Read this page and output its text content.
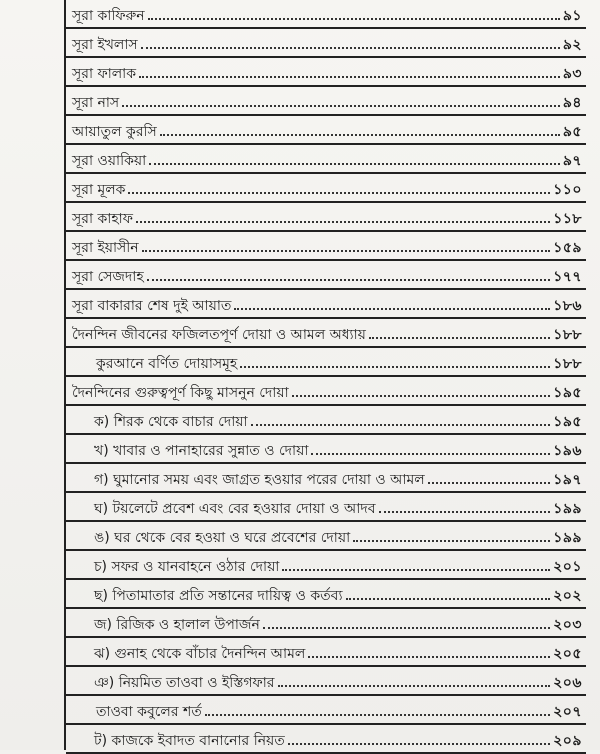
সূরা কাফিরুন	৯১
সূরা ইখলাস	৯২
সূরা ফালাক	৯৩
সূরা নাস	৯৪
আয়াতুল কুরসি	৯৫
সূরা ওয়াকিয়া	৯৭
সূরা মূলক	১১০
সূরা কাহাফ	১১৮
সূরা ইয়াসীন	১৫৯
সূরা সেজদাহ	১৭৭
সূরা বাকারার শেষ দুই আয়াত	১৮৬
দৈনন্দিন জীবনের ফজিলতপূর্ণ দোয়া ও আমল অধ্যায়	১৮৮
কুরআনে বর্ণিত দোয়াসমূহ	১৮৮
দৈনন্দিনের গুরুত্বপূর্ণ কিছু মাসনুন দোয়া	১৯৫
ক) শিরক থেকে বাচার দোয়া	১৯৫
খ) খাবার ও পানাহারের সুন্নাত ও দোয়া	১৯৬
গ) ঘুমানোর সময় এবং জাগ্রত হওয়ার পরের দোয়া ও আমল	১৯৭
ঘ) টয়লেটে প্রবেশ এবং বের হওয়ার দোয়া ও আদব	১৯৯
ঙ) ঘর থেকে বের হওয়া ও ঘরে প্রবেশের দোয়া	১৯৯
চ) সফর ও যানবাহনে ওঠার দোয়া	২০১
ছ) পিতামাতার প্রতি সন্তানের দায়িত্ব ও কর্তব্য	২০২
জ) রিজিক ও হালাল উপার্জন	২০৩
ঝ) গুনাহ থেকে বাঁচার দৈনন্দিন আমল	২০৫
ঞ) নিয়মিত তাওবা ও ইস্তিগফার	২০৬
তাওবা কবুলের শর্ত	২০৭
ট) কাজকে ইবাদত বানানোর নিয়ত	২০৯
